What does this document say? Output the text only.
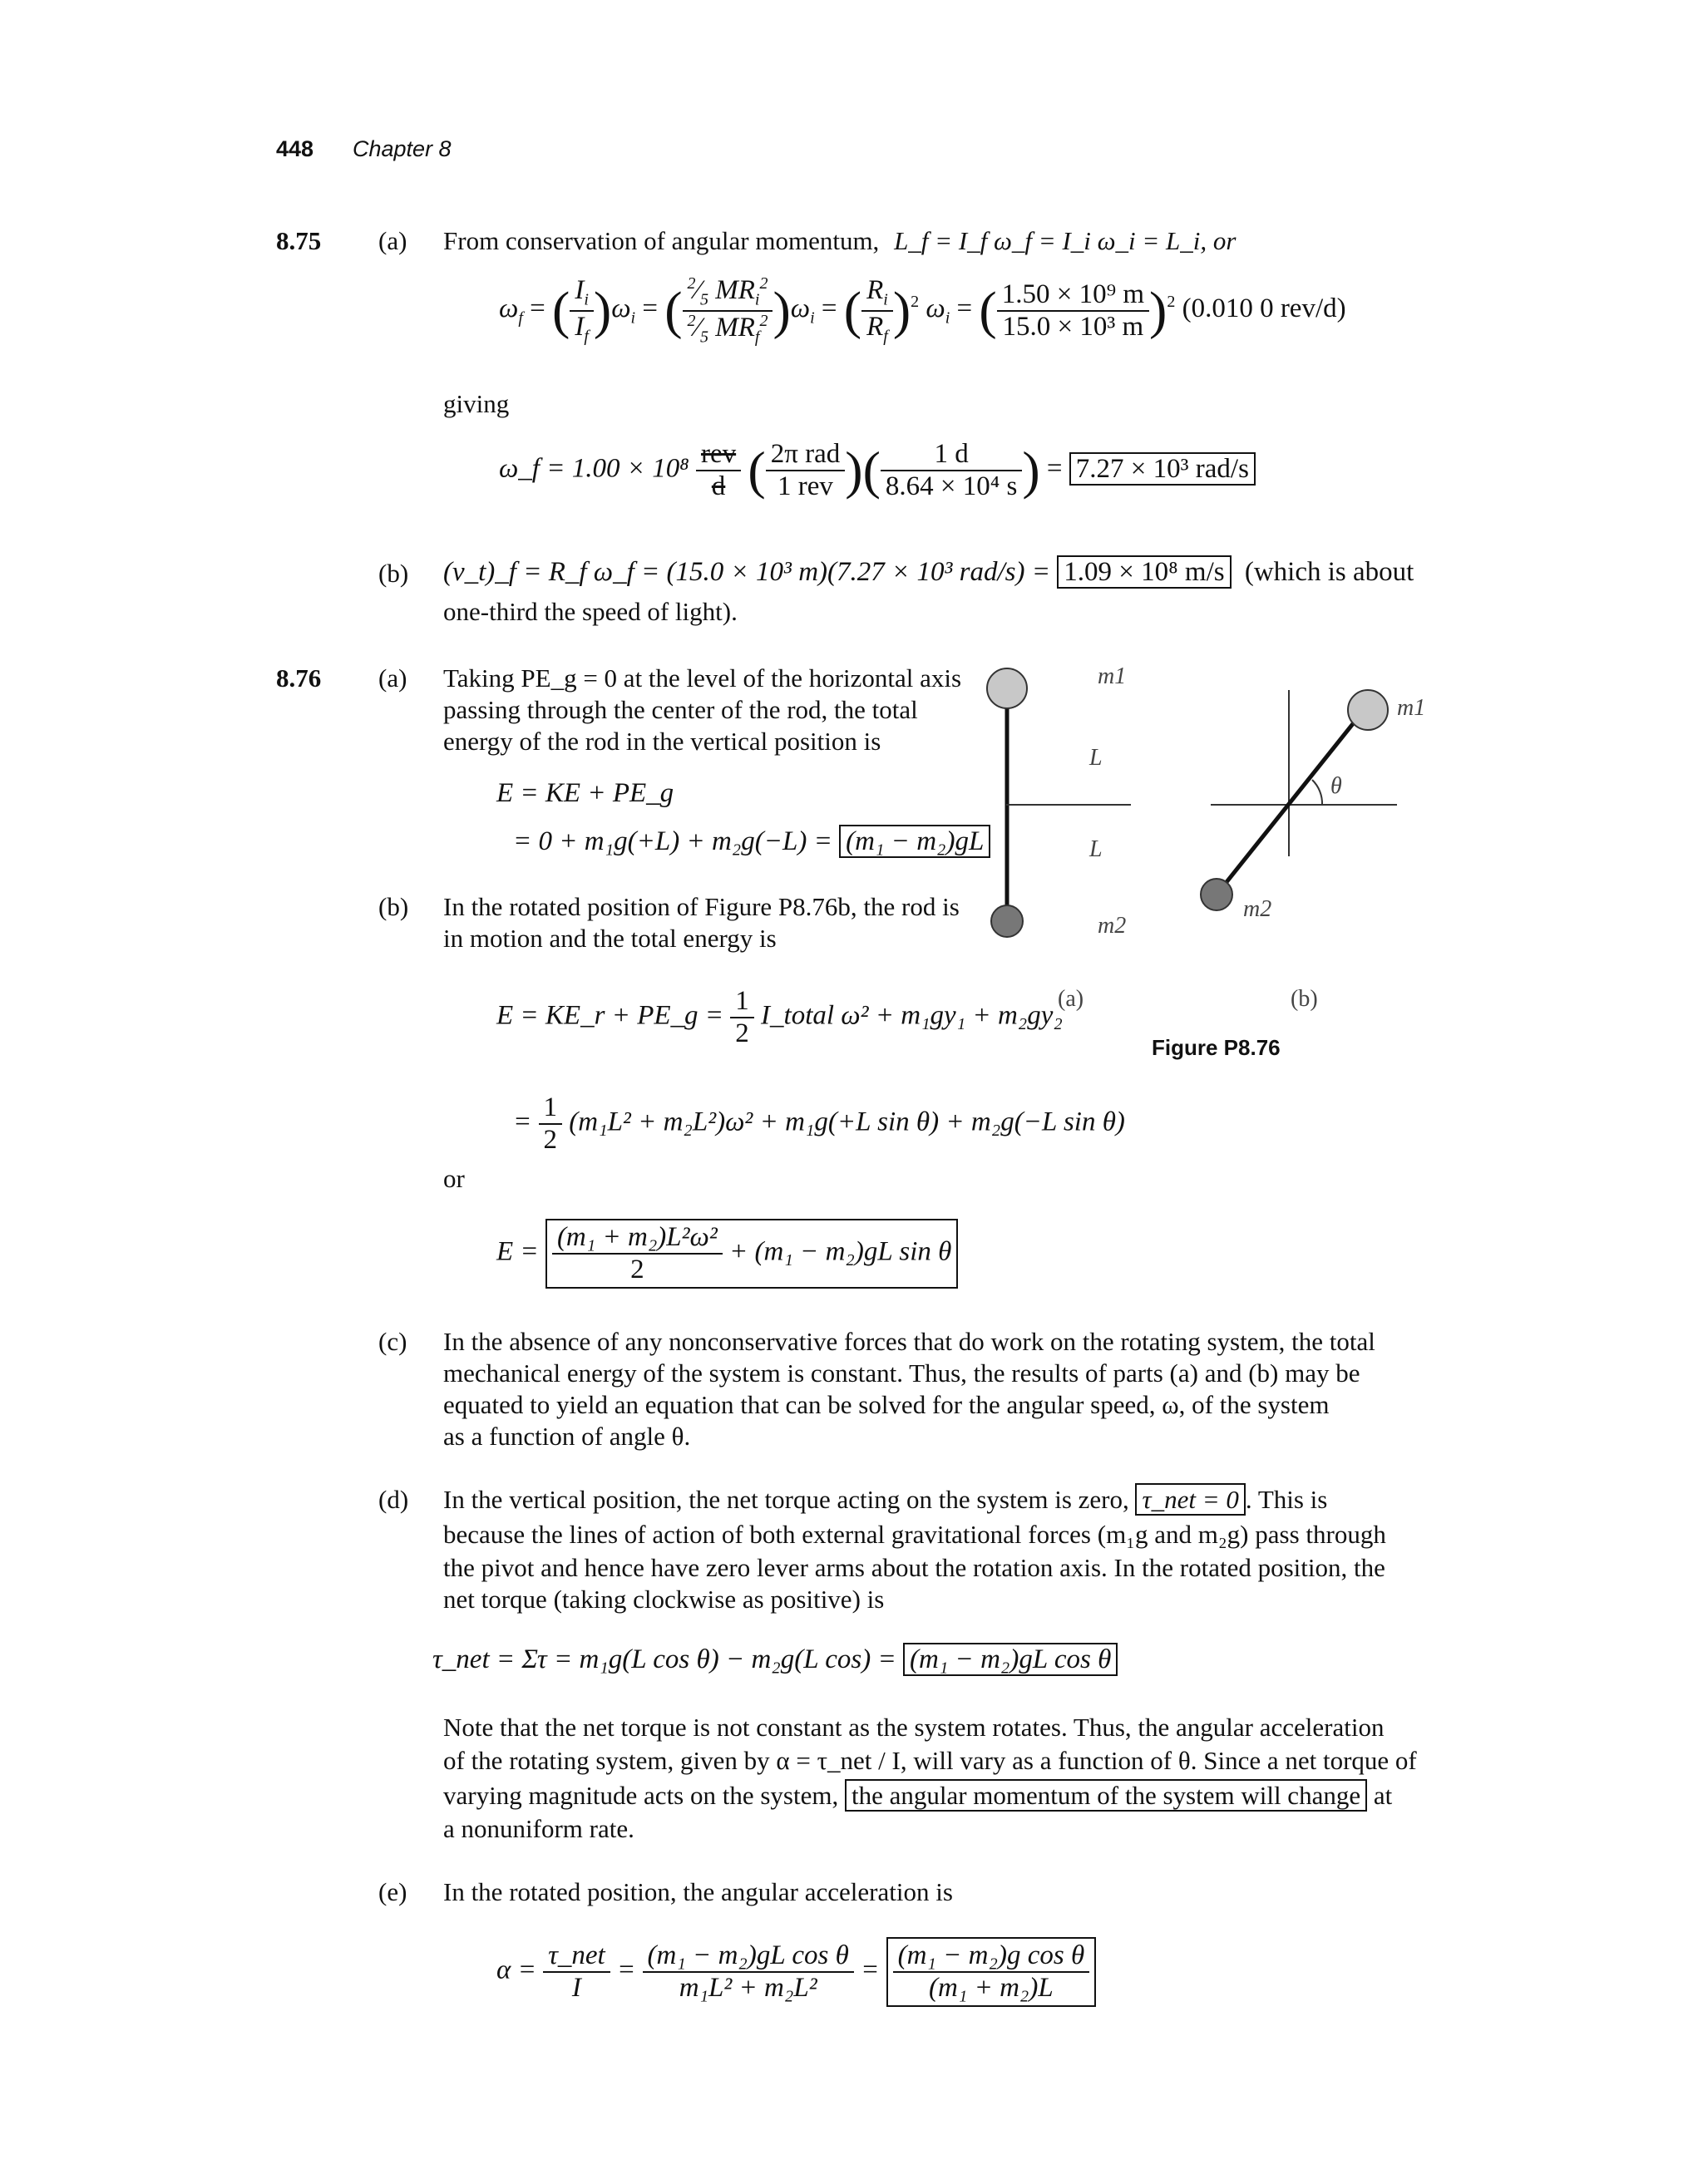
448 Chapter 8
8.75 (a) From conservation of angular momentum, L_f = I_f ω_f = I_i ω_i = L_i, or
$\omega_f$ = ( $\frac{I_i}{I_f} )\omega_i$ = ( $\frac{^2⁄_5 MR_i^2}{^2⁄_5 MR_f^2} )\omega_i$ = ( $\frac{R_i}{R_f} )^2$ $\omega_i$ = ( $\frac{\text{1.50 × 10⁹ m}}{\text{15.0 × 10³ m}} )^2$ (0.010 0 rev/d)
giving
ω_f = $1.00 \times 10^8 \frac{\text{rev}}{d}$ ( $\frac{\text{2π rad}}{\text{1 rev}}$ )( $\frac{1 d}{\text{8.64 × 10⁴ s}}$ ) = 7.27 × 10³ rad/s
(b) (v_t)_f = R_f ω_f = (15.0 × 10³ m)(7.27 × 10³ rad/s) = 1.09 × 10⁸ m/s (which is about
one-third the speed of light).
8.76 (a) Taking PE_g = 0 at the level of the horizontal axis
passing through the center of the rod, the total
energy of the rod in the vertical position is
E = KE + PE_g
= 0 + m₁g(+L) + m₂g(−L) = (m₁ − m₂)gL
(b) In the rotated position of Figure P8.76b, the rod is
in motion and the total energy is
E = KE_r + PE_g = $\frac{1}{2}$ I_total ω² + m₁gy₁ + m₂gy₂
= $\frac{1}{2} (m_1L^2 + m_2L^2)\omega^2 + m_1g(+L$ sin θ) + m₂g(−L sin θ)
or
$E = \frac{\text{(m₁ + m₂)L²ω²}}{2} + (m_1 - m_2)gL$ sin θ
(c) In the absence of any nonconservative forces that do work on the rotating system, the total
mechanical energy of the system is constant. Thus, the results of parts (a) and (b) may be
equated to yield an equation that can be solved for the angular speed, ω, of the system
as a function of angle θ.
(d) In the vertical position, the net torque acting on the system is zero, τ_net = 0 . This is
because the lines of action of both external gravitational forces (m₁g and m₂g) pass through
the pivot and hence have zero lever arms about the rotation axis. In the rotated position, the
net torque (taking clockwise as positive) is
τ_net = Στ = m₁g(L cos θ) − m₂g(L cos) = (m₁ − m₂)gL cos θ
Note that the net torque is not constant as the system rotates. Thus, the angular acceleration
of the rotating system, given by α = τ_net / I, will vary as a function of θ. Since a net torque of
varying magnitude acts on the system, the angular momentum of the system will change at
a nonuniform rate.
(e) In the rotated position, the angular acceleration is
$\alpha = \frac{\text{τ\_net}}{I} = \frac{\text{(m₁ − m₂)gL cos θ}}{\text{m₁L² + m₂L²}} = \frac{\text{(m₁ − m₂)g cos θ}}{\text{(m₁ + m₂)L}}$
m1
L
L
m2
(a)
m1
θ
m2
(b)
Figure P8.76
